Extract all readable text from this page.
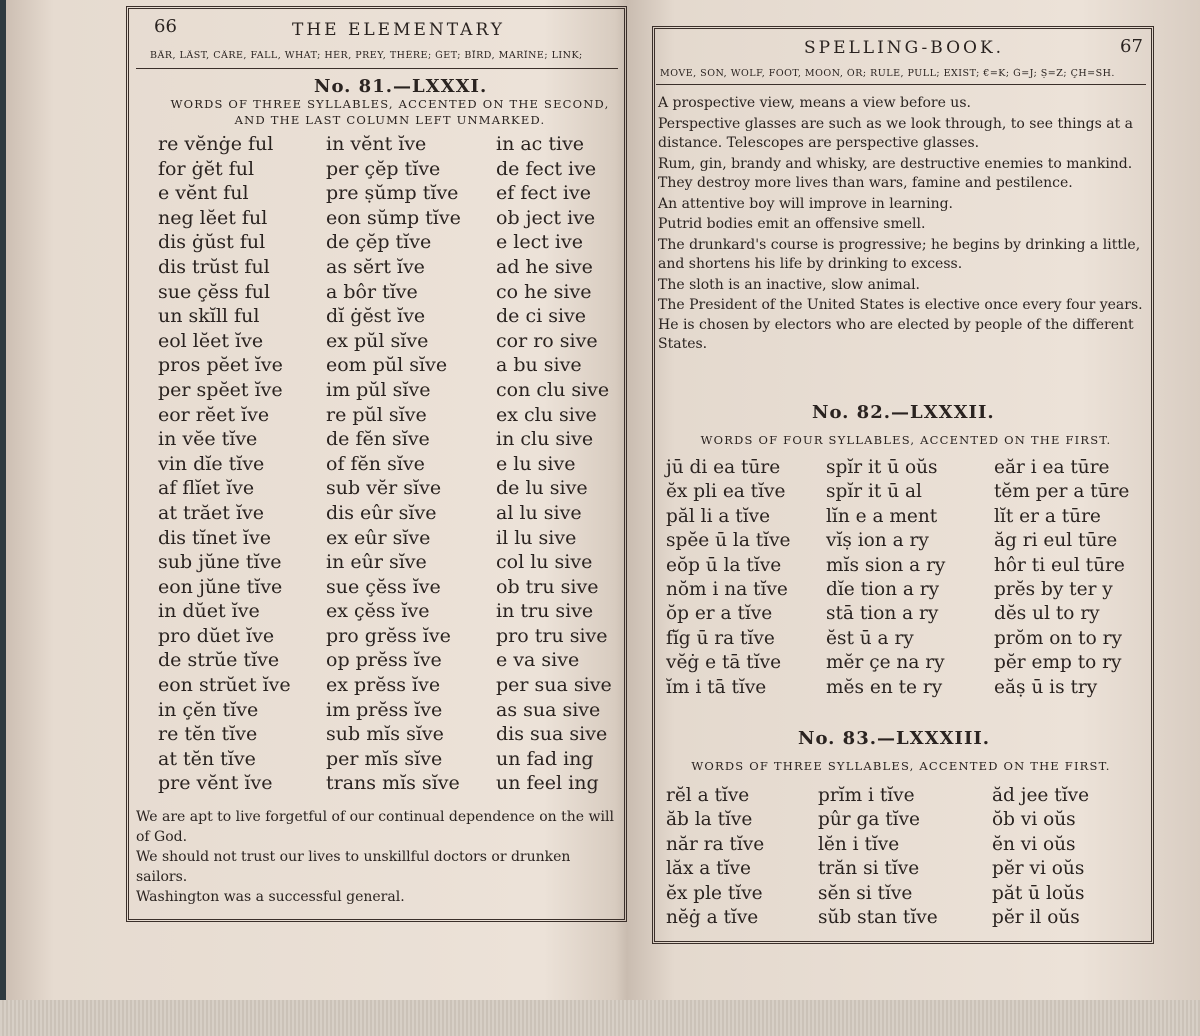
66	THE ELEMENTARY
BÄR, LÄST, CÂRE, FALL, WHAT; HĒR, PREY, THÊRE; ĠET; BĨRD, MARÏNE; LINK;
No. 81.—LXXXI.
WORDS OF THREE SYLLABLES, ACCENTED ON THE SECOND, AND THE LAST COLUMN LEFT UNMARKED.
re vĕnġe ful
for ġĕt ful
e vĕnt ful
neg lĕet ful
dis ġŭst ful
dis trŭst ful
sue çĕss ful
un skĭll ful
eol lĕet ĭve
pros pĕet ĭve
per spĕet ĭve
eor rĕet ĭve
in vĕe tĭve
vin dĭe tĭve
af flĭet ĭve
at trăet ĭve
dis tĭnet ĭve
sub jŭne tĭve
eon jŭne tĭve
in dŭet ĭve
pro dŭet ĭve
de strŭe tĭve
eon strŭet ĭve
in çĕn tĭve
re tĕn tĭve
at tĕn tĭve
pre vĕnt ĭve
in vĕnt ĭve
per çĕp tĭve
pre ṣŭmp tĭve
eon sŭmp tĭve
de çĕp tĭve
as sĕrt ĭve
a bôr tĭve
dĭ ġĕst ĭve
ex pŭl sĭve
eom pŭl sĭve
im pŭl sĭve
re pŭl sĭve
de fĕn sĭve
of fĕn sĭve
sub vĕr sĭve
dis eûr sĭve
ex eûr sĭve
in eûr sĭve
sue çĕss ĭve
ex çĕss ĭve
pro grĕss ĭve
op prĕss ĭve
ex prĕss ĭve
im prĕss ĭve
sub mĭs sĭve
per mĭs sĭve
trans mĭs sĭve
in ac tive
de fect ive
ef fect ive
ob ject ive
e lect ive
ad he sive
co he sive
de ci sive
cor ro sive
a bu sive
con clu sive
ex clu sive
in clu sive
e lu sive
de lu sive
al lu sive
il lu sive
col lu sive
ob tru sive
in tru sive
pro tru sive
e va sive
per sua sive
as sua sive
dis sua sive
un fad ing
un feel ing

We are apt to live forgetful of our continual dependence on the will of God.

We should not trust our lives to unskillful doctors or drunken sailors.

Washington was a successful general.

SPELLING-BOOK.	67
MOVE, SŎN, WOLF, FŎŎT, MOON, ÔR; RULE, PULL; EXIST; €=K; Ġ=J; Ṣ=Z; ÇH=SH.

A prospective view, means a view before us.

Perspective glasses are such as we look through, to see things at a distance. Telescopes are perspective glasses.

Rum, gin, brandy and whisky, are destructive enemies to mankind. They destroy more lives than wars, famine and pestilence.

An attentive boy will improve in learning.

Putrid bodies emit an offensive smell.

The drunkard's course is progressive; he begins by drinking a little, and shortens his life by drinking to excess.

The sloth is an inactive, slow animal.

The President of the United States is elective once every four years. He is chosen by electors who are elected by people of the different States.

No. 82.—LXXXII.
WORDS OF FOUR SYLLABLES, ACCENTED ON THE FIRST.
jū di ea tūre
ĕx pli ea tĭve
păl li a tĭve
spĕe ū la tĭve
eŏp ū la tĭve
nŏm i na tĭve
ŏp er a tĭve
fĭg ū ra tĭve
vĕġ e tā tĭve
ĭm i tā tĭve
spĭr it ū oŭs
spĭr it ū al
lĭn e a ment
vĭṣ ion a ry
mĭs sion a ry
dĭe tion a ry
stā tion a ry
ĕst ū a ry
mĕr çe na ry
mĕs en te ry
eăr i ea tūre
tĕm per a tūre
lĭt er a tūre
ăg ri eul tūre
hôr ti eul tūre
prĕs by ter y
dĕs ul to ry
prŏm on to ry
pĕr emp to ry
eăṣ ū is try
No. 83.—LXXXIII.
WORDS OF THREE SYLLABLES, ACCENTED ON THE FIRST.
rĕl a tĭve
ăb la tĭve
năr ra tĭve
lăx a tĭve
ĕx ple tĭve
nĕġ a tĭve
prĭm i tĭve
pûr ga tĭve
lĕn i tĭve
trăn si tĭve
sĕn si tĭve
sŭb stan tĭve
ăd jee tĭve
ŏb vi oŭs
ĕn vi oŭs
pĕr vi oŭs
păt ū loŭs
pĕr il oŭs
